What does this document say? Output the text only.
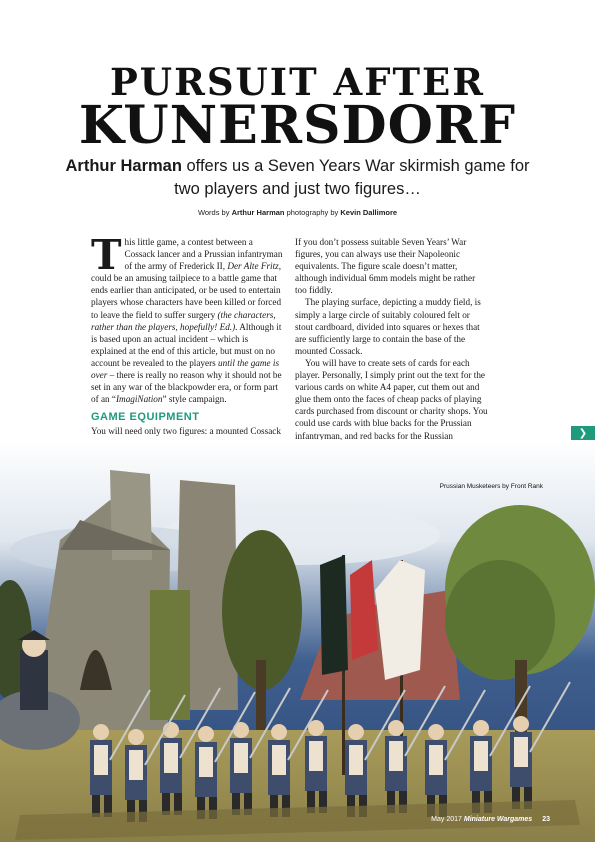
PURSUIT AFTER
KUNERSDORF
Arthur Harman offers us a Seven Years War skirmish game for two players and just two figures…
Words by Arthur Harman photography by Kevin Dallimore

This little game, a contest between a Cossack lancer and a Prussian infantryman of the army of Frederick II, Der Alte Fritz, could be an amusing tailpiece to a battle game that ends earlier than anticipated, or be used to entertain players whose characters have been killed or forced to leave the field to suffer surgery (the characters, rather than the players, hopefully! Ed.). Although it is based upon an actual incident – which is explained at the end of this article, but must on no account be revealed to the players until the game is over – there is really no reason why it should not be set in any war of the blackpowder era, or form part of an “ImagiNation” style campaign.

GAME EQUIPMENT

You will need only two figures: a mounted Cossack

If you don’t possess suitable Seven Years’ War figures, you can always use their Napoleonic equivalents. The figure scale doesn’t matter, although individual 6mm models might be rather too fiddly.

The playing surface, depicting a muddy field, is simply a large circle of suitably coloured felt or stout cardboard, divided into squares or hexes that are sufficiently large to contain the base of the mounted Cossack.

You will have to create sets of cards for each player. Personally, I simply print out the text for the various cards on white A4 paper, cut them out and glue them onto the faces of cheap packs of playing cards purchased from discount or charity shops. You could use cards with blue backs for the Prussian infantryman, and red backs for the Russian	❯
Prussian Musketeers by Front Rank
May 2017 Miniature Wargames 23
